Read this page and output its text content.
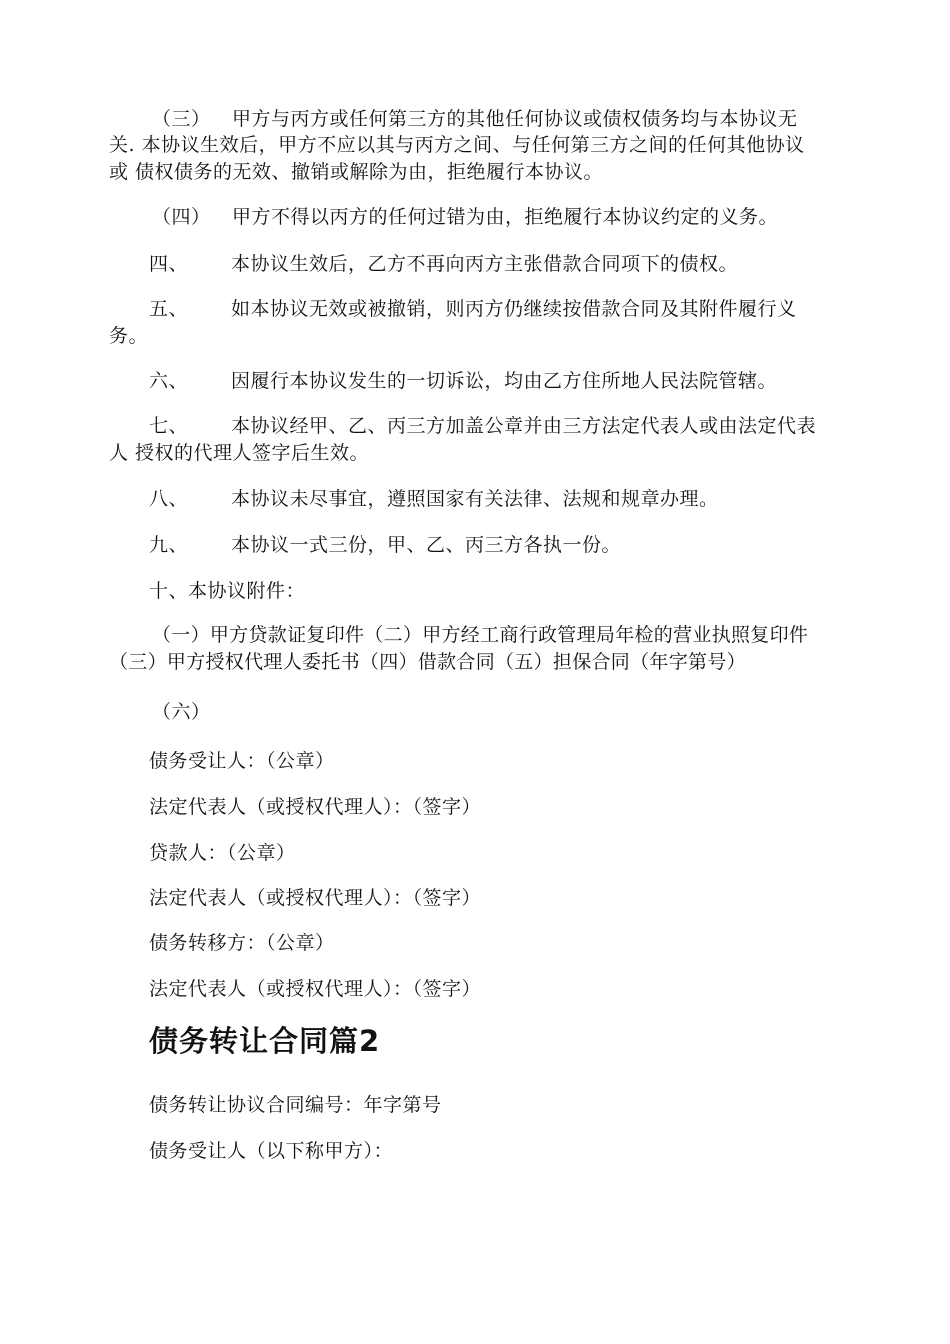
（三） 甲方与丙方或任何第三方的其他任何协议或债权债务均与本协议无
关. 本协议生效后，甲方不应以其与丙方之间、与任何第三方之间的任何其他协议
或 债权债务的无效、撤销或解除为由，拒绝履行本协议。
（四） 甲方不得以丙方的任何过错为由，拒绝履行本协议约定的义务。
四、 本协议生效后，乙方不再向丙方主张借款合同项下的债权。
五、 如本协议无效或被撤销，则丙方仍继续按借款合同及其附件履行义
务。
六、 因履行本协议发生的一切诉讼，均由乙方住所地人民法院管辖。
七、 本协议经甲、乙、丙三方加盖公章并由三方法定代表人或由法定代表
人 授权的代理人签字后生效。
八、 本协议未尽事宜，遵照国家有关法律、法规和规章办理。
九、 本协议一式三份，甲、乙、丙三方各执一份。
十、本协议附件：
（一）甲方贷款证复印件（二）甲方经工商行政管理局年检的营业执照复印件
（三）甲方授权代理人委托书（四）借款合同（五）担保合同（年字第号）
（六）
债务受让人：（公章）
法定代表人（或授权代理人）：（签字）
贷款人：（公章）
法定代表人（或授权代理人）：（签字）
债务转移方：（公章）
法定代表人（或授权代理人）：（签字）
债务转让合同篇2
债务转让协议合同编号：年字第号
债务受让人（以下称甲方）：
